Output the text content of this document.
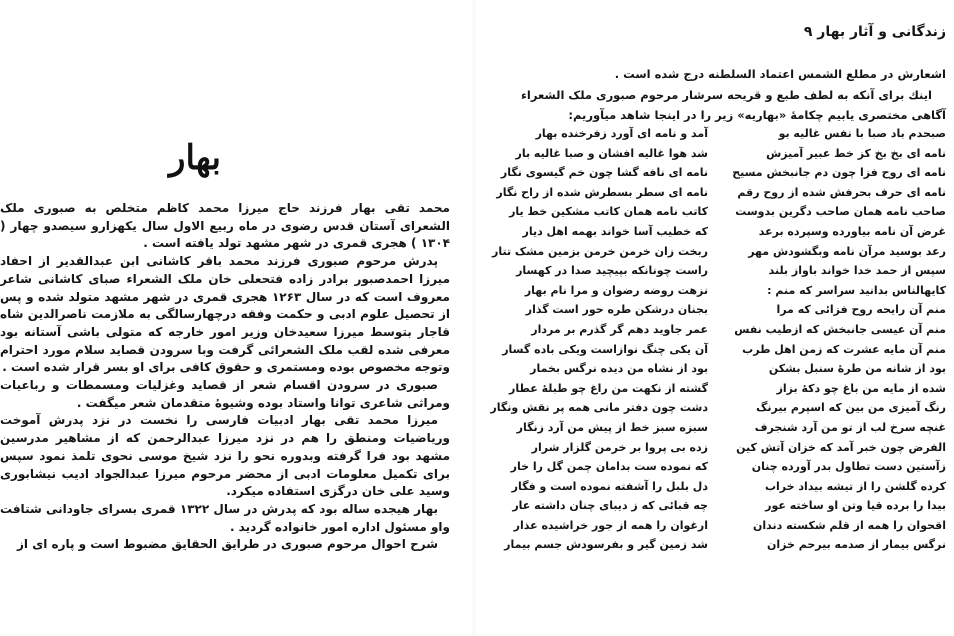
بهار

محمد تقی بهار فرزند حاج میرزا محمد کاظم متخلص به صبوری ملک الشعرای آستان قدس رضوی در ماه ربیع الاول سال یکهزارو سیصدو چهار ( ۱۳۰۴ ) هجری قمری در شهر مشهد تولد یافته است .

پدرش مرحوم صبوری فرزند محمد باقر کاشانی ابن عبدالقدیر از احفاد میرزا احمدصبور برادر زاده فتحعلی خان ملک الشعراء صبای کاشانی شاعر معروف است که در سال ۱۲۶۳ هجری قمری در شهر مشهد متولد شده و پس از تحصیل علوم ادبی و حکمت وفقه درچهارسالگی به ملازمت ناصرالدین شاه قاجار بتوسط میرزا سعیدخان وزیر امور خارجه که متولی باشی آستانه بود معرفی شده لقب ملک الشعرائی گرفت وبا سرودن قصاید سلام مورد احترام وتوجه مخصوص بوده ومستمری و حقوق کافی برای او بسر قرار شده است .

صبوری در سرودن اقسام شعر از قصاید وغزلیات ومسمطات و رباعیات ومراثی شاعری توانا واستاد بوده وشیوهٔ متقدمان شعر میگفت .

میرزا محمد تقی بهار ادبیات فارسی را نخست در نزد پدرش آموخت وریاضیات ومنطق را هم در نزد میرزا عبدالرحمن که از مشاهیر مدرسین مشهد بود فرا گرفته وبدوره نحو را نزد شیخ موسی نحوی تلمذ نمود سپس برای تکمیل معلومات ادبی از محضر مرحوم میرزا عبدالجواد ادیب نیشابوری وسید علی خان درگزی استفاده میکرد.

بهار هیجده ساله بود که پدرش در سال ۱۳۲۲ قمری بسرای جاودانی شتافت واو مسئول اداره امور خانواده گردید .

شرح احوال مرحوم صبوری در طرایق الحقایق مضبوط است و پاره ای از

زندگانی و آثار بهار ۹

اشعارش در مطلع الشمس اعتماد السلطنه درج شده است .

اینك برای آنکه به لطف طبع و قریحه سرشار مرحوم صبوری ملک الشعراء

آگاهی مختصری یابیم چکامهٔ «بهاریه» زیر را در اینجا شاهد میآوریم:

صبحدم باد صبا با نفس غالیه بو
آمد و نامه ای آورد زفرخنده بهار
نامه ای بخ بخ کز خط عبیر آمیزش
شد هوا غالیه افشان و صبا غالیه بار
نامه ای روح فزا چون دم جانبخش مسیح
نامه ای نافه گشا چون خم گیسوی نگار
نامه ای حرف بحرفش شده از روح رقم
نامه ای سطر بسطرش شده از راح نگار
صاحب نامه همان صاحب دگرین بدوست
کاتب نامه همان کاتب مشکین خط یار
غرض آن نامه بیاورده وسپرده برعد
که خطیب آسا خواند بهمه اهل دیار
رعد بوسید مرآن نامه وبگشودش مهر
ربخت زان خرمن خرمن بزمین مشک تتار
سپس از حمد خدا خواند باواز بلند
راست چونانکه بپیچید صدا در کهسار
کایهالناس بدانید سراسر که منم :
نزهت روضه رضوان و مرا نام بهار
منم آن رایحه روح فزائی که مرا
بجنان درشکن طره حور است گذار
منم آن عیسی جانبخش که ازطیب نفس
عمر جاوید دهم گر گذرم بر مردار
منم آن مایه عشرت که زمن اهل طرب
آن یکی چنگ نوازاست ویکی باده گسار
بود از شانه من طرهٔ سنبل بشکن
بود از نشاه من دیده نرگس بخمار
شده از مایه من باغ چو دکهٔ بزاز
گشته از نکهت من راغ چو طبلهٔ عطار
رنگ آمیزی من بین که اسپرم بیرنگ
دشت چون دفتر مانی همه پر نقش ونگار
غنچه سرخ لب از تو من آرد شنجرف
سبزه سبز خط از پیش من آرد زنگار
الفرض چون خبر آمد که خزان آتش کین
زده بی پروا بر خرمن گلزار شرار
زآستین دست تطاول بدر آورده چنان
که نموده ست بدامان چمن گل را خار
کرده گلشن را از تیشه بیداد خراب
دل بلبل را آشفته نموده است و فگار
بیدا را برده قیا وتن او ساخته عور
چه قبائی که ز دیبای چنان داشته عار
اقحوان را همه از قلم شکسته دندان
ارغوان را همه از جور خراشیده عذار
نرگس بیمار از صدمه بیرحم خزان
شد زمین گیر و بفرسودش جسم بیمار
